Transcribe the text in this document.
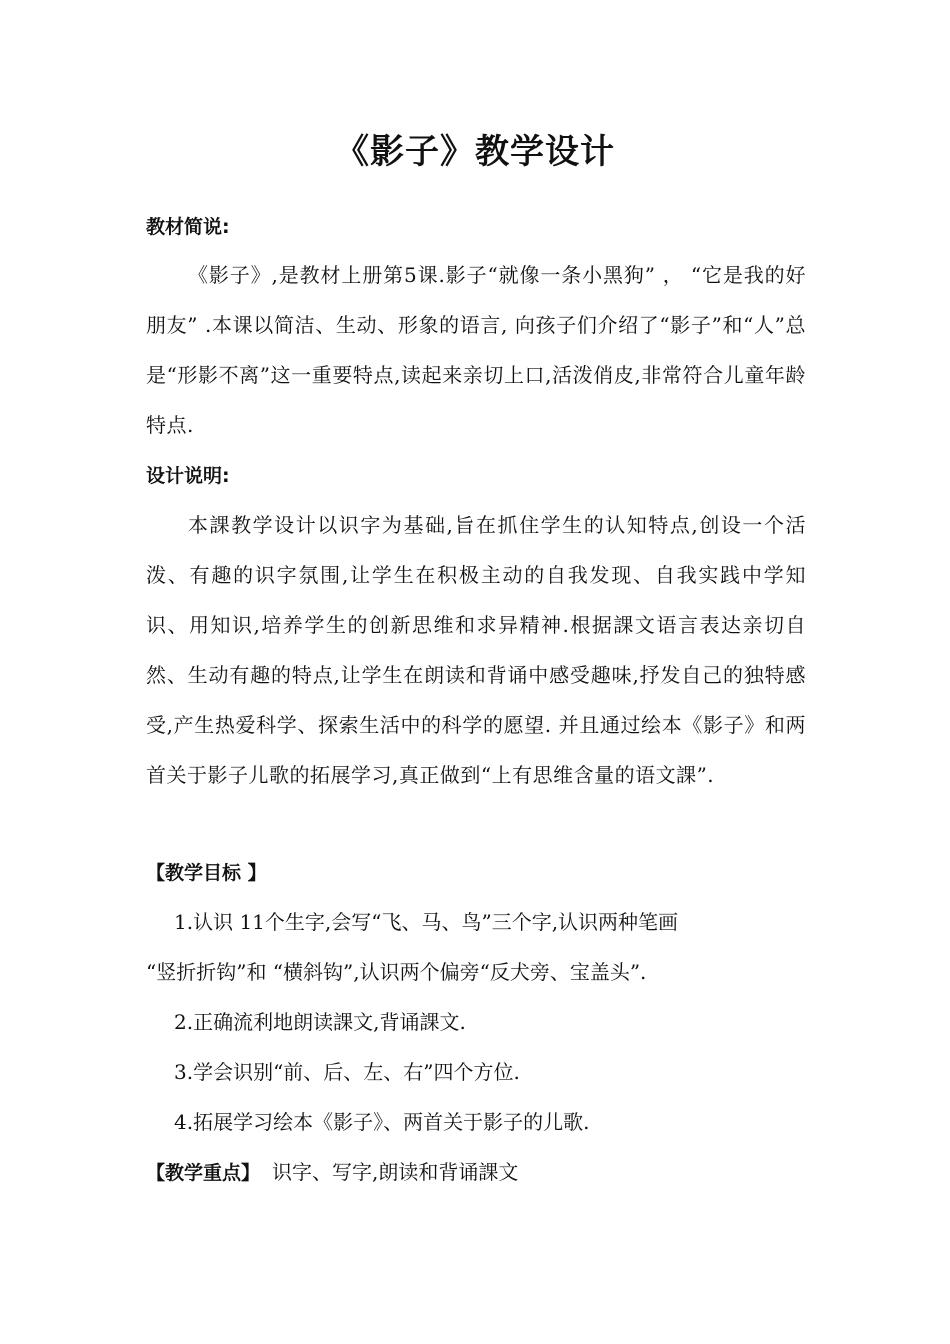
《影子》教学设计
教材简说:
《影子》,是教材上册第5课.影子“就像一条小黑狗” ， “它是我的好朋友” .本课以简洁、生动、形象的语言, 向孩子们介绍了“影子”和“人”总是“形影不离”这一重要特点,读起来亲切上口,活泼俏皮,非常符合儿童年龄特点.
设计说明:
本課教学设计以识字为基础,旨在抓住学生的认知特点,创设一个活泼、有趣的识字氛围,让学生在积极主动的自我发现、自我实践中学知识、用知识,培养学生的创新思维和求异精神.根据課文语言表达亲切自然、生动有趣的特点,让学生在朗读和背诵中感受趣味,抒发自己的独特感受,产生热爱科学、探索生活中的科学的愿望. 并且通过绘本《影子》和两首关于影子儿歌的拓展学习,真正做到“上有思维含量的语文課”.
【教学目标 】
1.认识 11个生字,会写“飞、马、鸟”三个字,认识两种笔画
“竖折折钩”和 “横斜钩”,认识两个偏旁“反犬旁、宝盖头”.
2.正确流利地朗读課文,背诵課文.
3.学会识别“前、后、左、右”四个方位.
4.拓展学习绘本《影子》、两首关于影子的儿歌.
【教学重点】 识字、写字,朗读和背诵課文
